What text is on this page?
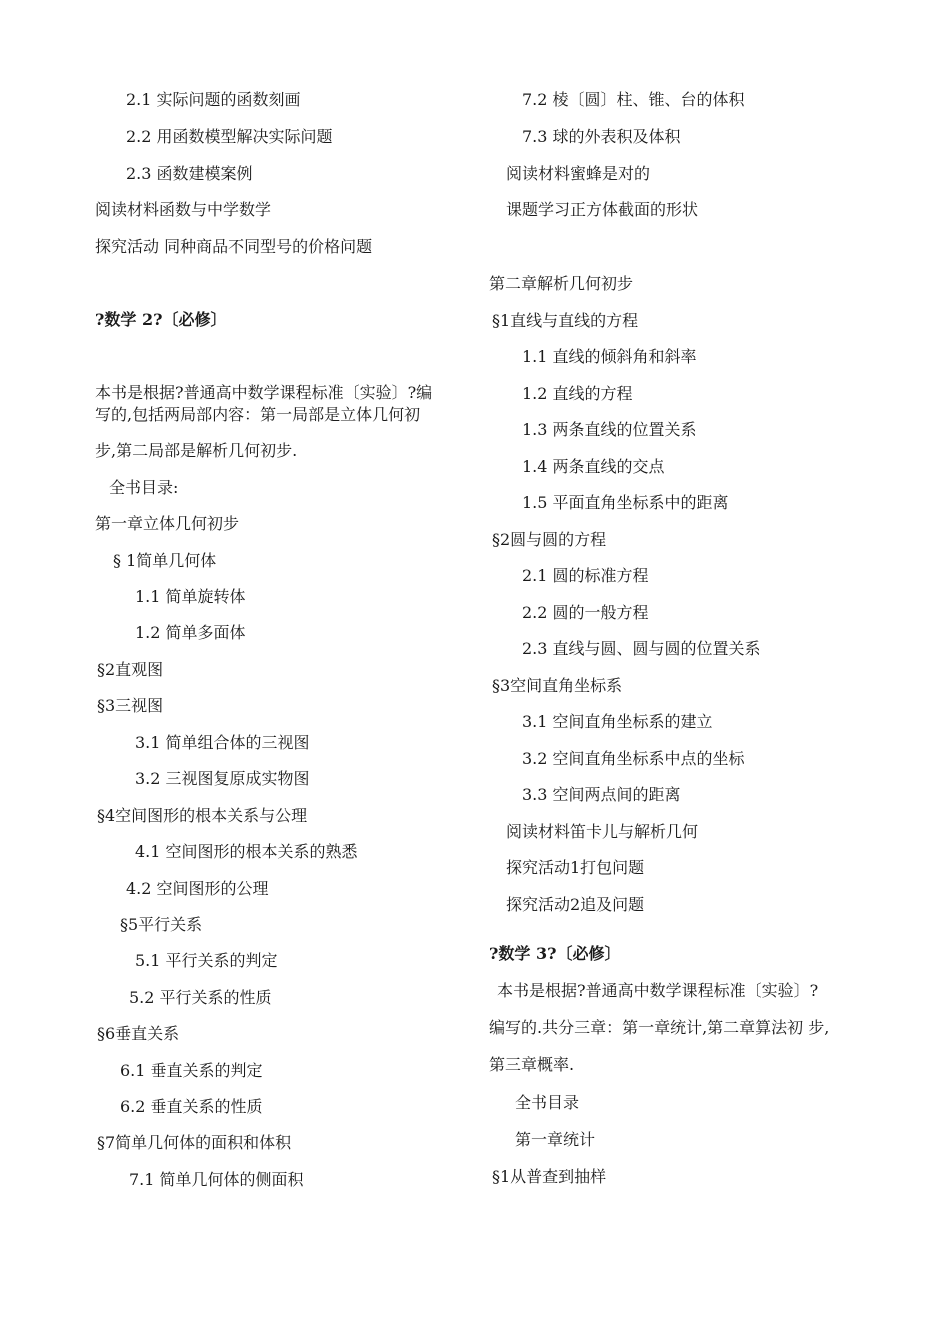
2.1 实际问题的函数刻画
2.2 用函数模型解决实际问题
2.3 函数建模案例
阅读材料函数与中学数学
探究活动 同种商品不同型号的价格问题
?数学 2?〔必修〕
本书是根据?普通高中数学课程标准〔实验〕?编
写的,包括两局部内容：第一局部是立体几何初
步,第二局部是解析几何初步.
全书目录:
第一章立体几何初步
§ 1简单几何体
1.1 简单旋转体
1.2 简单多面体
§2直观图
§3三视图
3.1 简单组合体的三视图
3.2 三视图复原成实物图
§4空间图形的根本关系与公理
4.1 空间图形的根本关系的熟悉
4.2 空间图形的公理
§5平行关系
5.1 平行关系的判定
5.2 平行关系的性质
§6垂直关系
6.1 垂直关系的判定
6.2 垂直关系的性质
§7简单几何体的面积和体积
7.1 简单几何体的侧面积
7.2 棱〔圆〕柱、锥、台的体积
7.3 球的外表积及体积
阅读材料蜜蜂是对的
课题学习正方体截面的形状
第二章解析几何初步
§1直线与直线的方程
1.1 直线的倾斜角和斜率
1.2 直线的方程
1.3 两条直线的位置关系
1.4 两条直线的交点
1.5 平面直角坐标系中的距离
§2圆与圆的方程
2.1 圆的标准方程
2.2 圆的一般方程
2.3 直线与圆、圆与圆的位置关系
§3空间直角坐标系
3.1 空间直角坐标系的建立
3.2 空间直角坐标系中点的坐标
3.3 空间两点间的距离
阅读材料笛卡儿与解析几何
探究活动1打包问题
探究活动2追及问题
?数学 3?〔必修〕
本书是根据?普通高中数学课程标准〔实验〕?
编写的.共分三章：第一章统计,第二章算法初 步,
第三章概率.
全书目录
第一章统计
§1从普查到抽样
